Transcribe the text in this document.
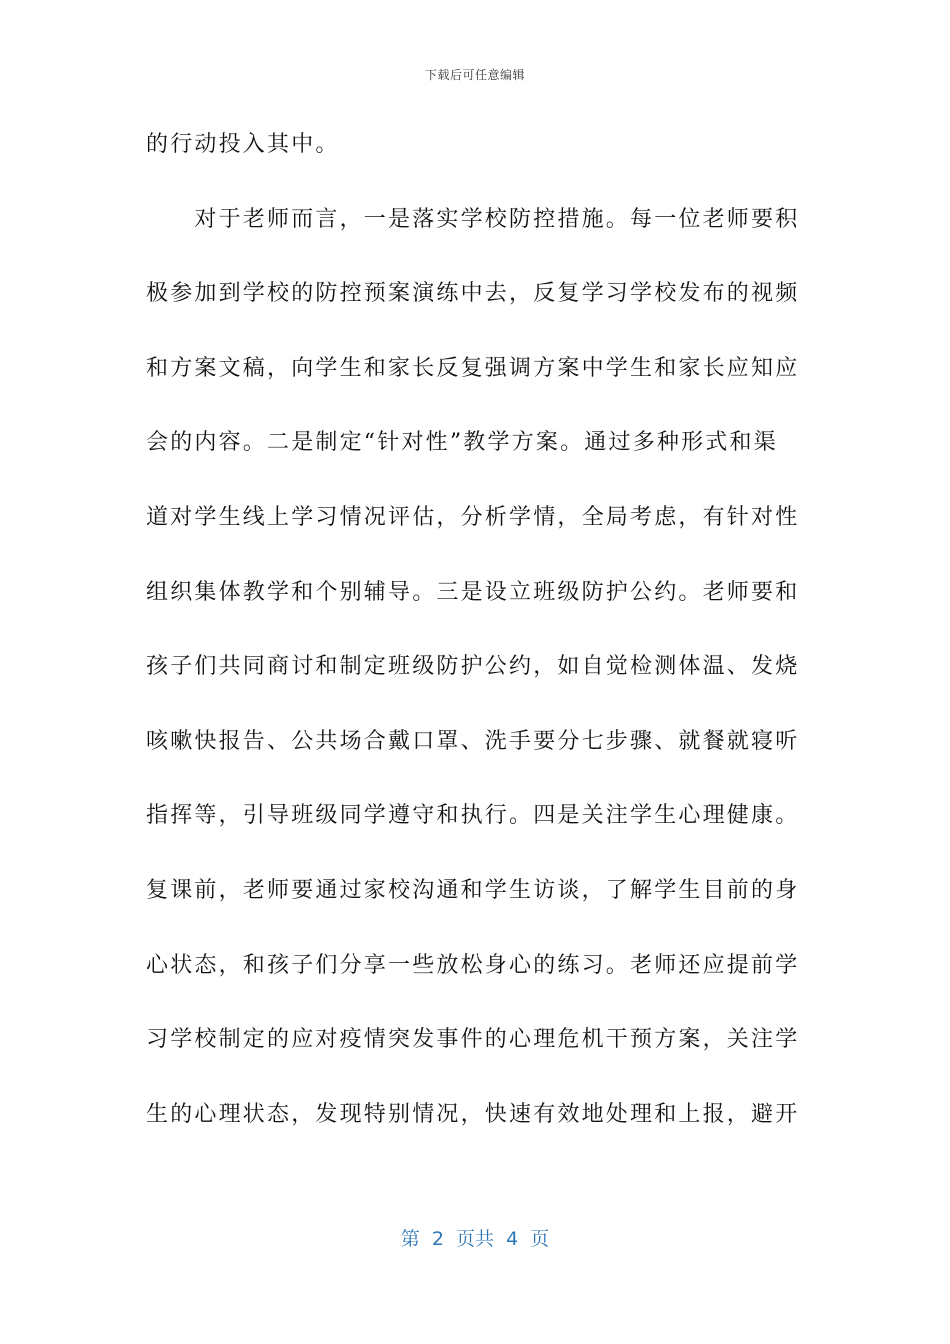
下载后可任意编辑
的行动投入其中。
　　对于老师而言，一是落实学校防控措施。每一位老师要积
极参加到学校的防控预案演练中去，反复学习学校发布的视频
和方案文稿，向学生和家长反复强调方案中学生和家长应知应
会的内容。二是制定“针对性”教学方案。通过多种形式和渠
道对学生线上学习情况评估，分析学情，全局考虑，有针对性
组织集体教学和个别辅导。三是设立班级防护公约。老师要和
孩子们共同商讨和制定班级防护公约，如自觉检测体温、发烧
咳嗽快报告、公共场合戴口罩、洗手要分七步骤、就餐就寝听
指挥等，引导班级同学遵守和执行。四是关注学生心理健康。
复课前，老师要通过家校沟通和学生访谈，了解学生目前的身
心状态，和孩子们分享一些放松身心的练习。老师还应提前学
习学校制定的应对疫情突发事件的心理危机干预方案，关注学
生的心理状态，发现特别情况，快速有效地处理和上报，避开
第  2  页共  4  页
